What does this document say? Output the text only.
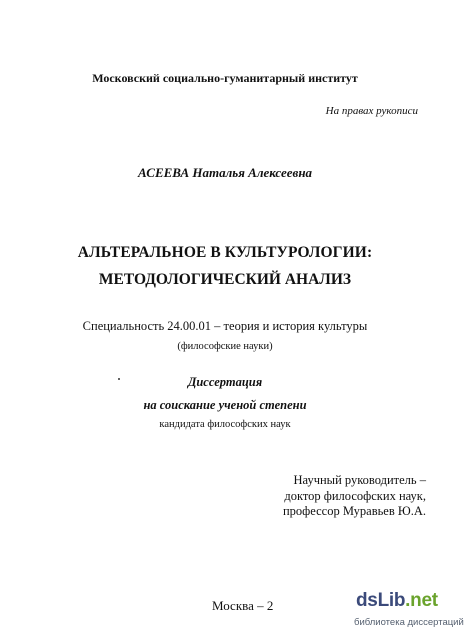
Московский социально-гуманитарный институт
На правах рукописи
АСЕЕВА Наталья Алексеевна
АЛЬТЕРАЛЬНОЕ В КУЛЬТУРОЛОГИИ:
МЕТОДОЛОГИЧЕСКИЙ АНАЛИЗ
Специальность 24.00.01 – теория и история культуры
(философские науки)
Диссертация
на соискание ученой степени
кандидата философских наук
Научный руководитель –
доктор философских наук,
профессор Муравьев Ю.А.
Москва – 2	dsLib.net
библиотека диссертаций
